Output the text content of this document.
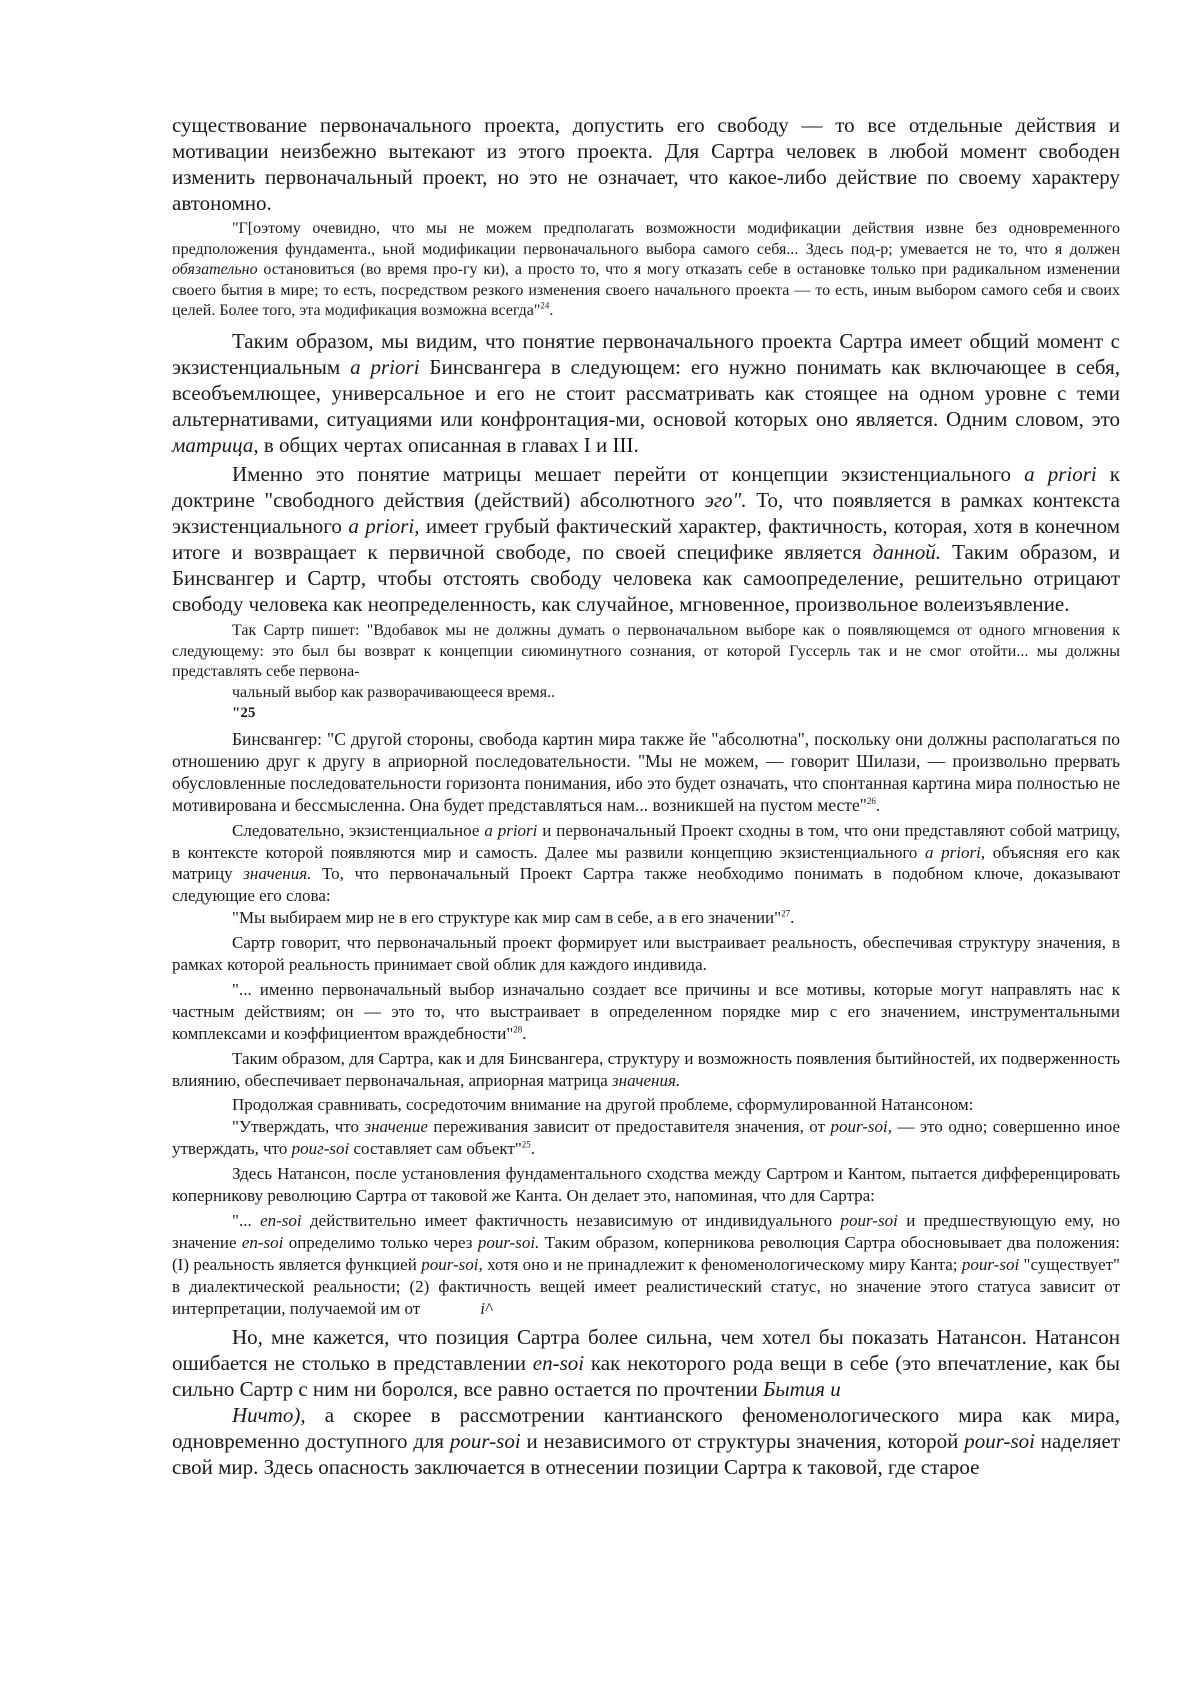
существование первоначального проекта, допустить его свободу — то все отдельные действия и мотивации неизбежно вытекают из этого проекта. Для Сартра человек в любой момент свободен изменить первоначальный проект, но это не означает, что какое-либо действие по своему характеру автономно.

"Г[оэтому очевидно, что мы не можем предполагать возможности модификации действия извне без одновременного предположения фундамента., ьной модификации первоначального выбора самого себя... Здесь под-р; умевается не то, что я должен обязательно остановиться (во время про-гу ки), а просто то, что я могу отказать себе в остановке только при радикальном изменении своего бытия в мире; то есть, посредством резкого изменения своего начального проекта — то есть, иным выбором самого себя и своих целей. Более того, эта модификация возможна всегда"$^{24}$.

Таким образом, мы видим, что понятие первоначального проекта Сартра имеет общий момент с экзистенциальным a priori Бинсвангера в следующем: его нужно понимать как включающее в себя, всеобъемлющее, универсальное и его не стоит рассматривать как стоящее на одном уровне с теми альтернативами, ситуациями или конфронтация-ми, основой которых оно является. Одним словом, это матрица, в общих чертах описанная в главах I и III.

Именно это понятие матрицы мешает перейти от концепции экзистенциального a priori к доктрине "свободного действия (действий) абсолютного эго". То, что появляется в рамках контекста экзистенциального a priori, имеет грубый фактический характер, фактичность, которая, хотя в конечном итоге и возвращает к первичной свободе, по своей специфике является данной. Таким образом, и Бинсвангер и Сартр, чтобы отстоять свободу человека как самоопределение, решительно отрицают свободу человека как неопределенность, как случайное, мгновенное, произвольное волеизъявление.

Так Сартр пишет: "Вдобавок мы не должны думать о первоначальном выборе как о появляющемся от одного мгновения к следующему: это был бы возврат к концепции сиюминутного сознания, от которой Гуссерль так и не смог отойти... мы должны представлять себе первона-

чальный выбор как разворачивающееся время..

"25

Бинсвангер: "С другой стороны, свобода картин мира также йе "абсолютна", поскольку они должны располагаться по отношению друг к другу в априорной последовательности. "Мы не можем, — говорит Шилази, — произвольно прервать обусловленные последовательности горизонта понимания, ибо это будет означать, что спонтанная картина мира полностью не мотивирована и бессмысленна. Она будет представляться нам... возникшей на пустом месте"$^{26}$.

Следовательно, экзистенциальное a priori и первоначальный Проект сходны в том, что они представляют собой матрицу, в контексте которой появляются мир и самость. Далее мы развили концепцию экзистенциального a priori, объясняя его как матрицу значения. То, что первоначальный Проект Сартра также необходимо понимать в подобном ключе, доказывают следующие его слова:

"Мы выбираем мир не в его структуре как мир сам в себе, а в его значении"$^{27}$.

Сартр говорит, что первоначальный проект формирует или выстраивает реальность, обеспечивая структуру значения, в рамках которой реальность принимает свой облик для каждого индивида.

"... именно первоначальный выбор изначально создает все причины и все мотивы, которые могут направлять нас к частным действиям; он — это то, что выстраивает в определенном порядке мир с его значением, инструментальными комплексами и коэффициентом враждебности"$^{28}$.

Таким образом, для Сартра, как и для Бинсвангера, структуру и возможность появления бытийностей, их подверженность влиянию, обеспечивает первоначальная, априорная матрица значения.

Продолжая сравнивать, сосредоточим внимание на другой проблеме, сформулированной Натансоном:

"Утверждать, что значение переживания зависит от предоставителя значения, от pour-soi, — это одно; совершенно иное утверждать, что роuг-soi составляет сам объект"$^{25}$.

Здесь Натансон, после установления фундаментального сходства между Сартром и Кантом, пытается дифференцировать коперникову революцию Сартра от таковой же Канта. Он делает это, напоминая, что для Сартра:

"... en-soi действительно имеет фактичность независимую от индивидуального pour-soi и предшествующую ему, но значение en-soi определимо только через pour-soi. Таким образом, коперникова революция Сартра обосновывает два положения: (I) реальность является функцией pour-soi, хотя оно и не принадлежит к феноменологическому миру Канта; pour-soi "существует" в диалектической реальности; (2) фактичность вещей имеет реалистический статус, но значение этого статуса зависит от интерпретации, получаемой им от	i^

Но, мне кажется, что позиция Сартра более сильна, чем хотел бы показать Натансон. Натансон ошибается не столько в представлении en-soi как некоторого рода вещи в себе (это впечатление, как бы сильно Сартр с ним ни боролся, все равно остается по прочтении Бытия и

Ничто), а скорее в рассмотрении кантианского феноменологического мира как мира, одновременно доступного для pour-soi и независимого от структуры значения, которой pour-soi наделяет свой мир. Здесь опасность заключается в отнесении позиции Сартра к таковой, где старое
